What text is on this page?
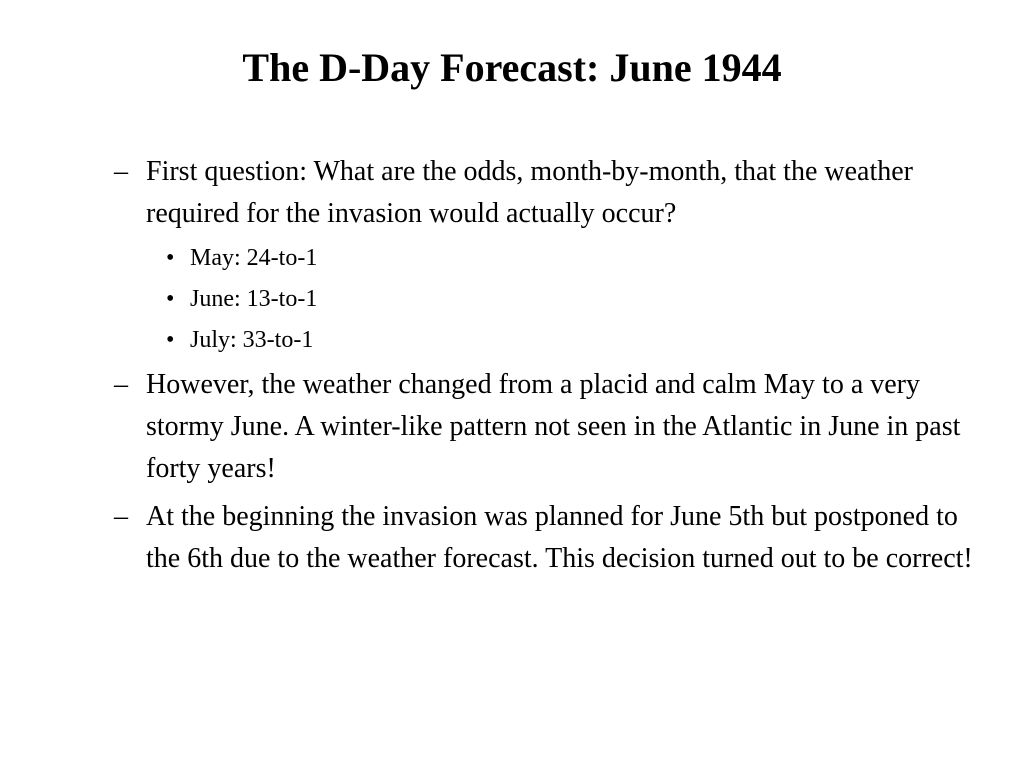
The D-Day Forecast: June 1944
– First question: What are the odds, month-by-month, that the weather required for the invasion would actually occur?
• May: 24-to-1
• June: 13-to-1
• July: 33-to-1
– However, the weather changed from a placid and calm May to a very stormy June. A winter-like pattern not seen in the Atlantic in June in past forty years!
– At the beginning the invasion was planned for June 5th but postponed to the 6th due to the weather forecast. This decision turned out to be correct!
